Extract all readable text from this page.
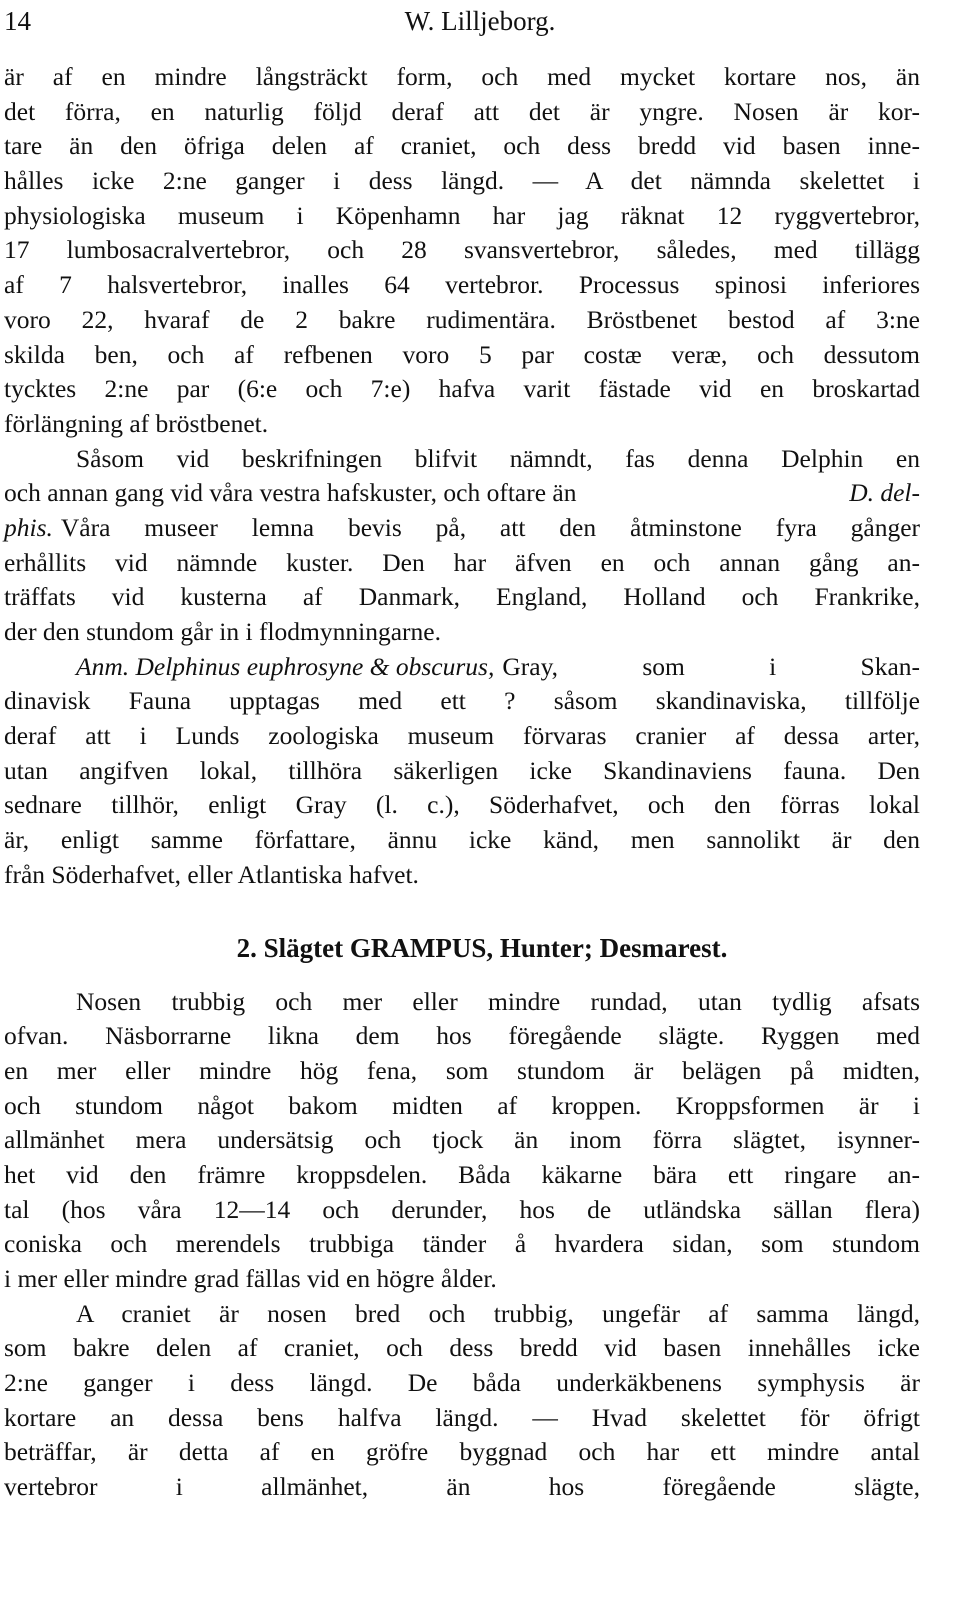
14	W. Lilljeborg.
är af en mindre långsträckt form, och med mycket kortare nos, än
det förra, en naturlig följd deraf att det är yngre. Nosen är kor-
tare än den öfriga delen af craniet, och dess bredd vid basen inne-
hålles icke 2:ne ganger i dess längd. — A det nämnda skelettet i
physiologiska museum i Köpenhamn har jag räknat 12 ryggvertebror,
17 lumbosacralvertebror, och 28 svansvertebror, således, med tillägg
af 7 halsvertebror, inalles 64 vertebror. Processus spinosi inferiores
voro 22, hvaraf de 2 bakre rudimentära. Bröstbenet bestod af 3:ne
skilda ben, och af refbenen voro 5 par costæ veræ, och dessutom
tycktes 2:ne par (6:e och 7:e) hafva varit fästade vid en broskartad
förlängning af bröstbenet.
Såsom vid beskrifningen blifvit nämndt, fas denna Delphin en
och annan gang vid våra vestra hafskuster, och oftare än	D. del-
phis. Våra museer lemna bevis på, att den åtminstone fyra gånger
erhållits vid nämnde kuster. Den har äfven en och annan gång an-
träffats vid kusterna af Danmark, England, Holland och Frankrike,
der den stundom går in i flodmynningarne.
Anm. Delphinus euphrosyne & obscurus, Gray, som i Skan-
dinavisk Fauna upptagas med ett ? såsom skandinaviska, tillfölje
deraf att i Lunds zoologiska museum förvaras cranier af dessa arter,
utan angifven lokal, tillhöra säkerligen icke Skandinaviens fauna. Den
sednare tillhör, enligt Gray (l. c.), Söderhafvet, och den förras lokal
är, enligt samme författare, ännu icke känd, men sannolikt är den
från Söderhafvet, eller Atlantiska hafvet.
2. Slägtet GRAMPUS, Hunter; Desmarest.
Nosen trubbig och mer eller mindre rundad, utan tydlig afsats
ofvan. Näsborrarne likna dem hos föregående slägte. Ryggen med
en mer eller mindre hög fena, som stundom är belägen på midten,
och stundom något bakom midten af kroppen. Kroppsformen är i
allmänhet mera undersätsig och tjock än inom förra slägtet, isynner-
het vid den främre kroppsdelen. Båda käkarne bära ett ringare an-
tal (hos våra 12—14 och derunder, hos de utländska sällan flera)
coniska och merendels trubbiga tänder å hvardera sidan, som stundom
i mer eller mindre grad fällas vid en högre ålder.
A craniet är nosen bred och trubbig, ungefär af samma längd,
som bakre delen af craniet, och dess bredd vid basen innehålles icke
2:ne ganger i dess längd. De båda underkäkbenens symphysis är
kortare an dessa bens halfva längd. — Hvad skelettet för öfrigt
beträffar, är detta af en gröfre byggnad och har ett mindre antal
vertebror i allmänhet, än hos föregående slägte,
